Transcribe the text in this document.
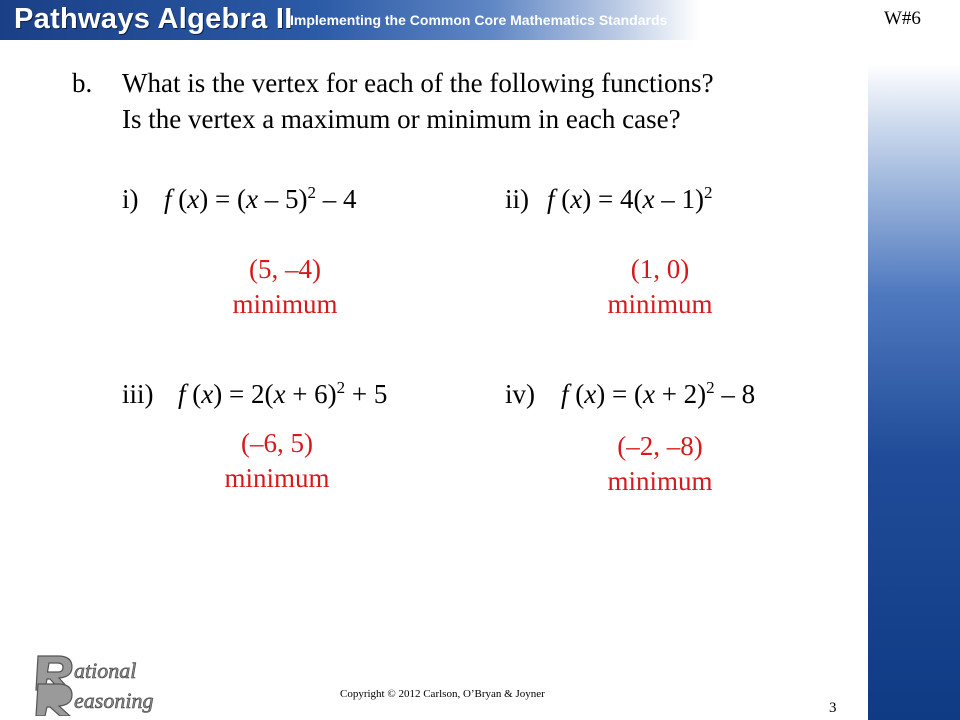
Pathways Algebra II
Implementing the Common Core Mathematics Standards	W#6
b. What is the vertex for each of the following functions?
Is the vertex a maximum or minimum in each case?
i) f (x) = (x – 5)$^2$ – 4
(5, –4)
minimum
ii) f (x) = 4(x – 1)$^2$
(1, 0)
minimum
iii) f $(x) = 2(x + 6)^2 + 5$
(–6, 5)
minimum
iv) f $(x) = (x + 2)^2 - 8$
(–2, –8)
minimum
ational
easoning	Copyright © 2012 Carlson, O’Bryan & Joyner
3
